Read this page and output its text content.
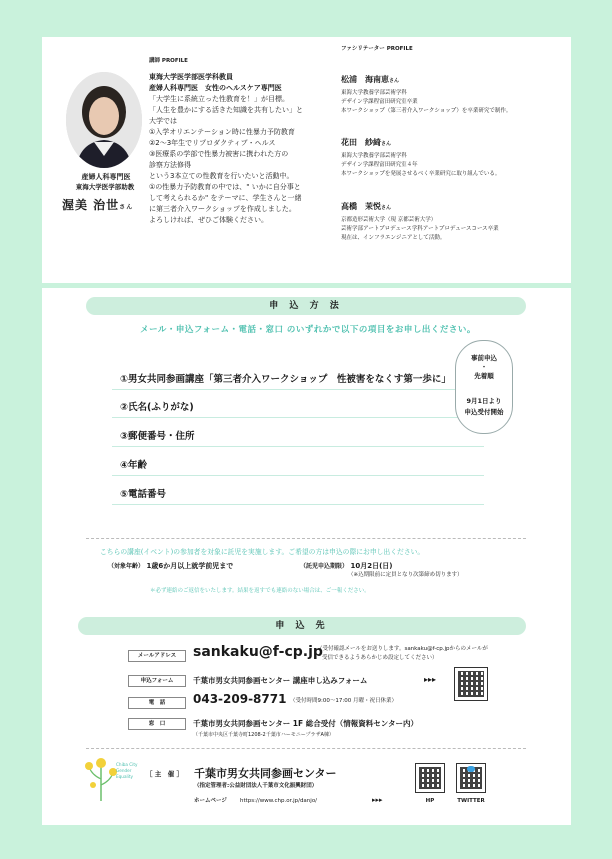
産婦人科専門医
東海大学医学部助教
渥美 治世さん
講師 PROFILE
東海大学医学部医学科教員
産婦人科専門医　女性のヘルスケア専門医
「大学生に系統立った性教育を！」が目標。
「人生を豊かにする活きた知識を共有したい」と
大学では
①入学オリエンテーション時に性暴力予防教育
②2～3年生でリプロダクティブ・ヘルス
③医療系の学部で性暴力被害に携われた方の
診察方法修得
という3本立ての性教育を行いたいと活動中。
①の性暴力予防教育の中では、" いかに自分事と
して考えられるか" をテーマに、学生さんと一緒
に第三者介入ワークショップを作成しました。
よろしければ、ぜひご体験ください。
ファシリテーター PROFILE
松浦　海南恵さん
東海大学教養学部芸術学科
デザイン学課程富田研究室卒業
本ワークショップ（第三者介入ワークショップ）を卒業研究で制作。
花田　紗綺さん
東海大学教養学部芸術学科
デザイン学課程富田研究室４年
本ワークショップを発展させるべく卒業研究に取り組んでいる。
高橋　茉悦さん
京都造形芸術大学（現 京都芸術大学）
芸術学部アートプロデュース学科アートプロデュースコース卒業
現在は、インフラエンジニアとして活動。
申 込 方 法
メール・申込フォーム・電話・窓口 のいずれかで以下の項目をお申し出ください。
①男女共同参画講座「第三者介入ワークショップ　性被害をなくす第一歩に」
②氏名(ふりがな)
③郵便番号・住所
④年齢
⑤電話番号
事前申込
・
先着順
9月1日より
申込受付開始
こちらの講座(イベント)の参加者を対象に託児を実施します。ご希望の方は申込の際にお申し出ください。
（対象年齢） 1歳6か月以上就学前児まで	（託児申込期限） 10月2日(日)
（※込期限前に定員となり次第締め切ります）
＊必ず連絡のご返信をいたします。結果を返すでも連絡のない場合は、ご一報ください。
申 込 先
メールアドレス	sankaku@f-cp.jp
（受付確認メールをお送りします。sankaku@f-cp.jpからのメールが
受信できるようあらかじめ設定してください）
申込フォーム	千葉市男女共同参画センター 講座申し込みフォーム	▸▸▸
電　話	043-209-8771 （受付時間9:00～17:00 月曜・祝日休業）
窓　口	千葉市男女共同参画センター 1F 総合受付（情報資料センター内）
（千葉市中央区千葉寺町1208-2千葉市ハーモニープラザA棟）
Chiba City Gender Equality	［ 主　催 ］ 千葉市男女共同参画センター
（指定管理者:公益財団法人千葉市文化振興財団）
ホームページ https://www.chp.or.jp/danjo/	▸▸▸	HP	TWITTER
